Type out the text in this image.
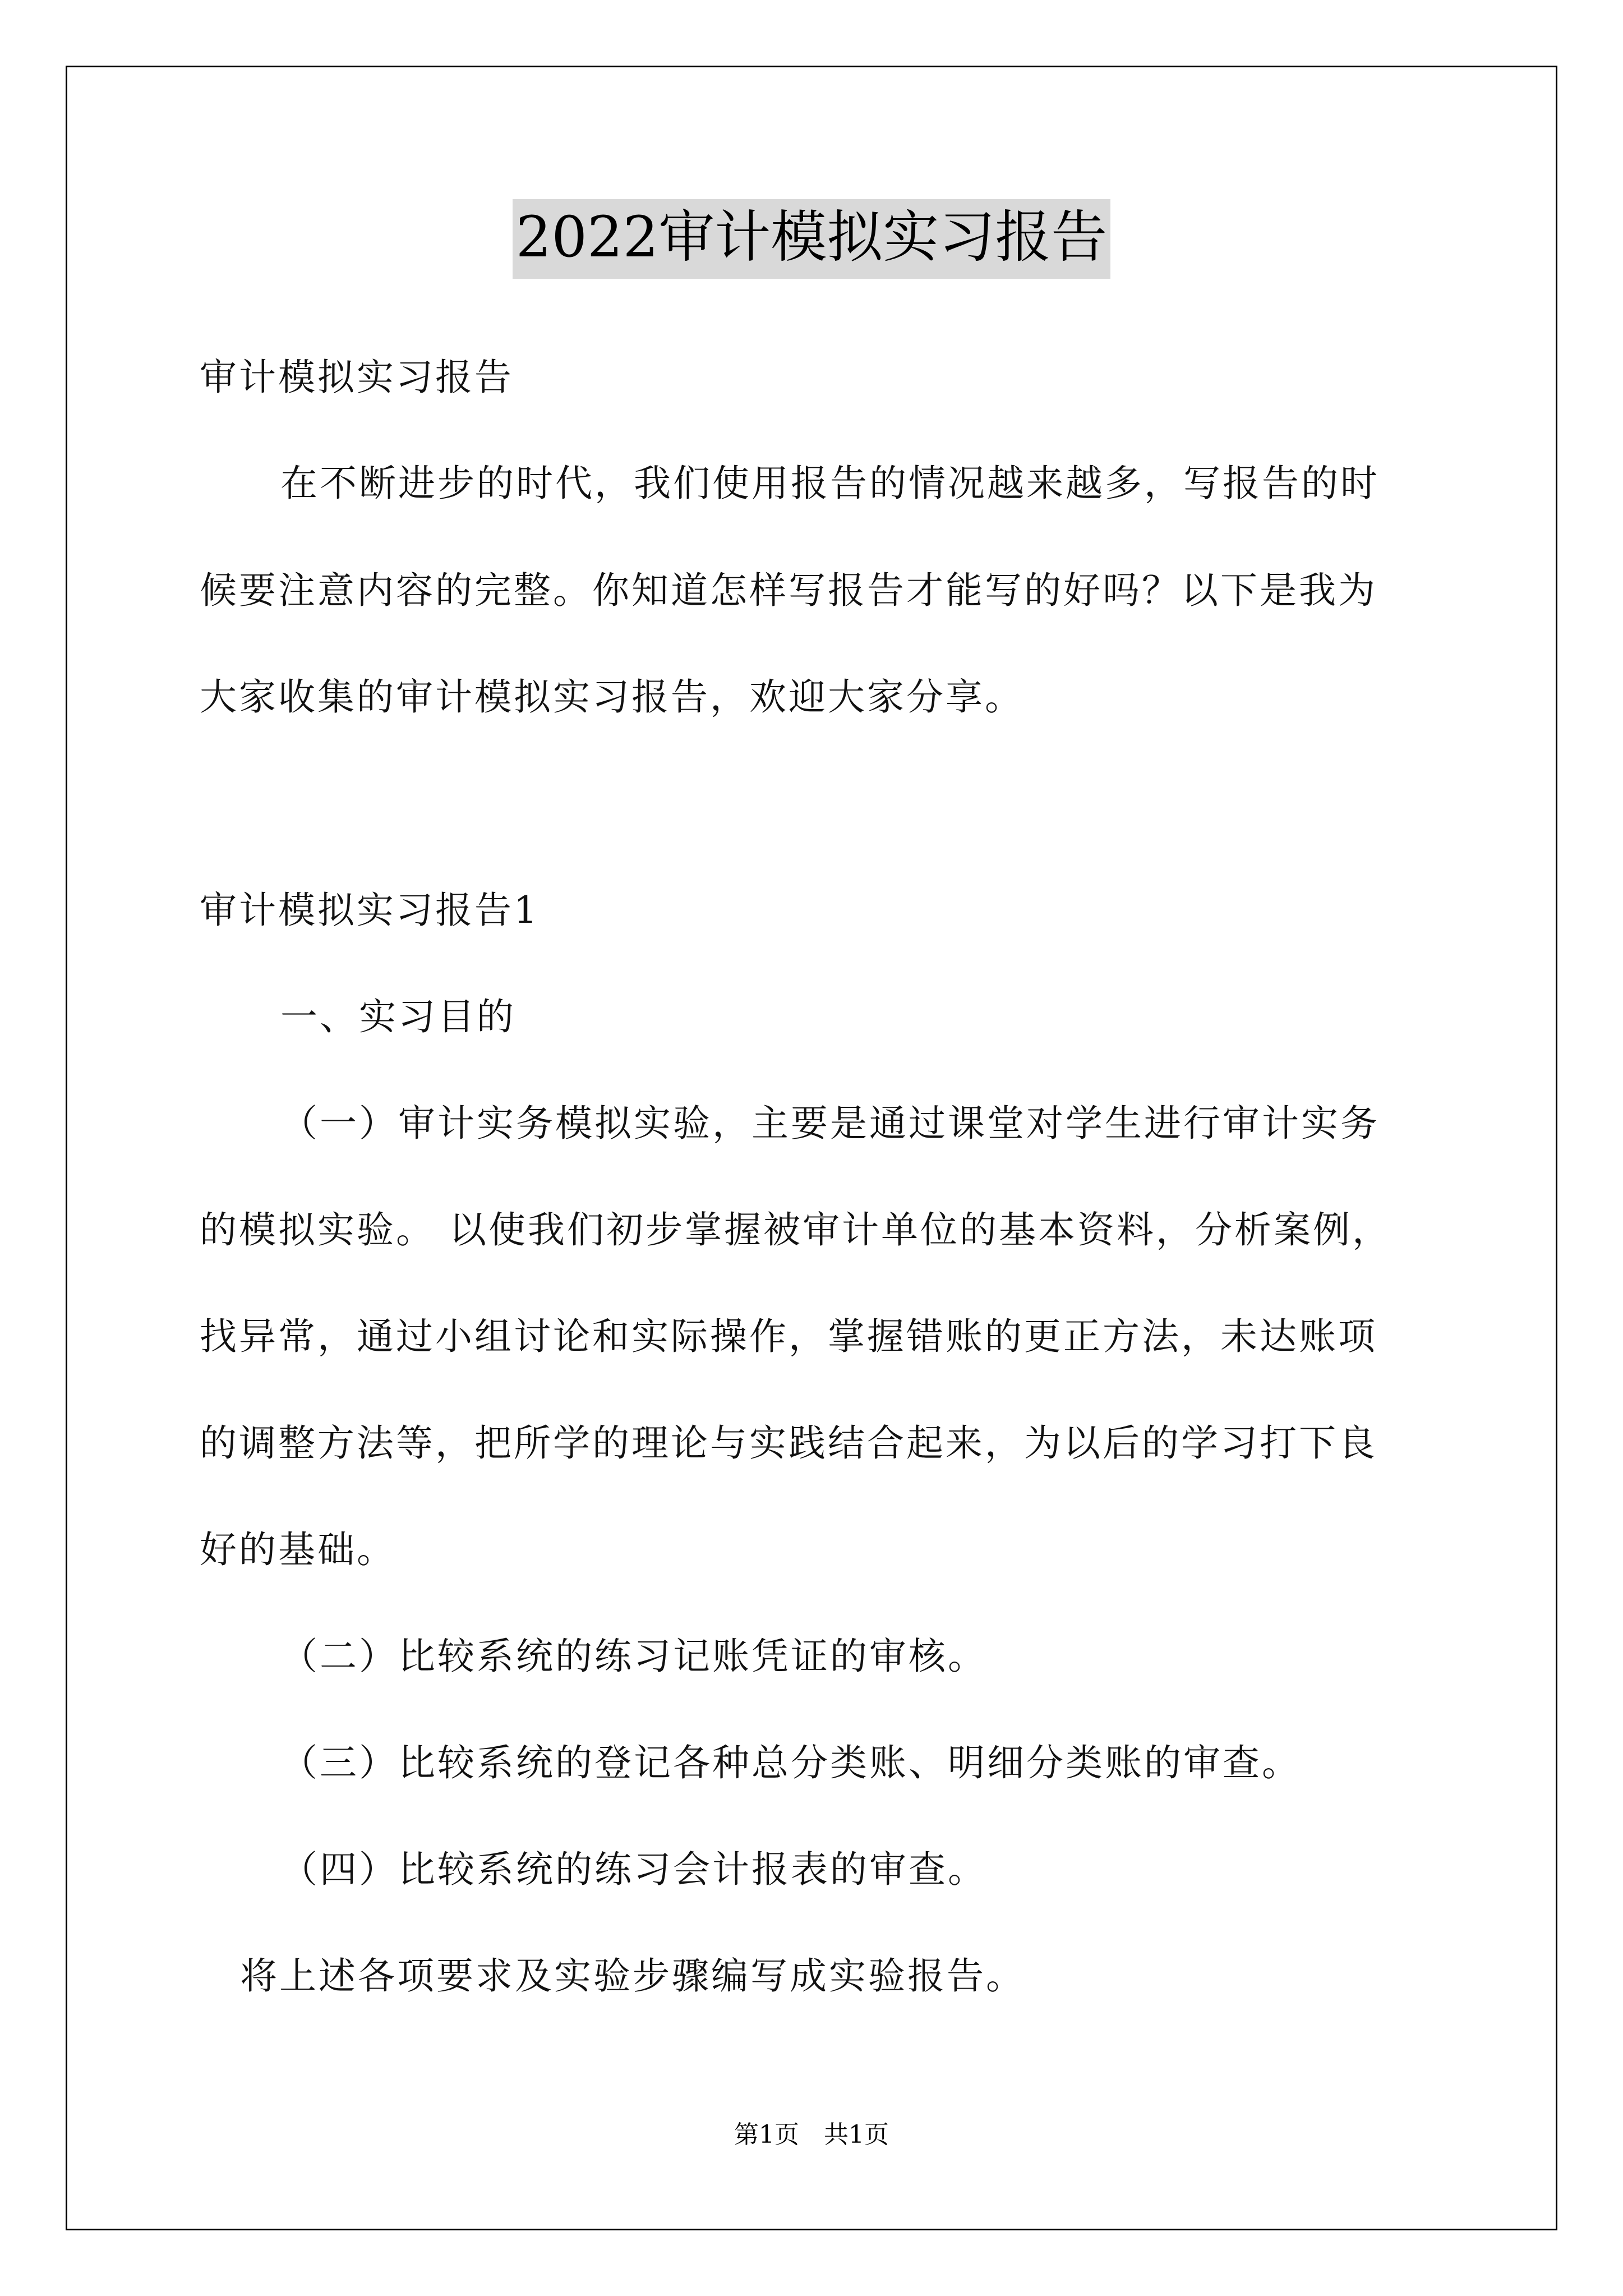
2022审计模拟实习报告
审计模拟实习报告
在不断进步的时代，我们使用报告的情况越来越多，写报告的时
候要注意内容的完整。你知道怎样写报告才能写的好吗？以下是我为
大家收集的审计模拟实习报告，欢迎大家分享。
审计模拟实习报告1
一、实习目的
（一）审计实务模拟实验，主要是通过课堂对学生进行审计实务
的模拟实验。 以使我们初步掌握被审计单位的基本资料，分析案例，
找异常，通过小组讨论和实际操作，掌握错账的更正方法，未达账项
的调整方法等，把所学的理论与实践结合起来，为以后的学习打下良
好的基础。
（二）比较系统的练习记账凭证的审核。
（三）比较系统的登记各种总分类账、明细分类账的审查。
（四）比较系统的练习会计报表的审查。
将上述各项要求及实验步骤编写成实验报告。
第1页　共1页
